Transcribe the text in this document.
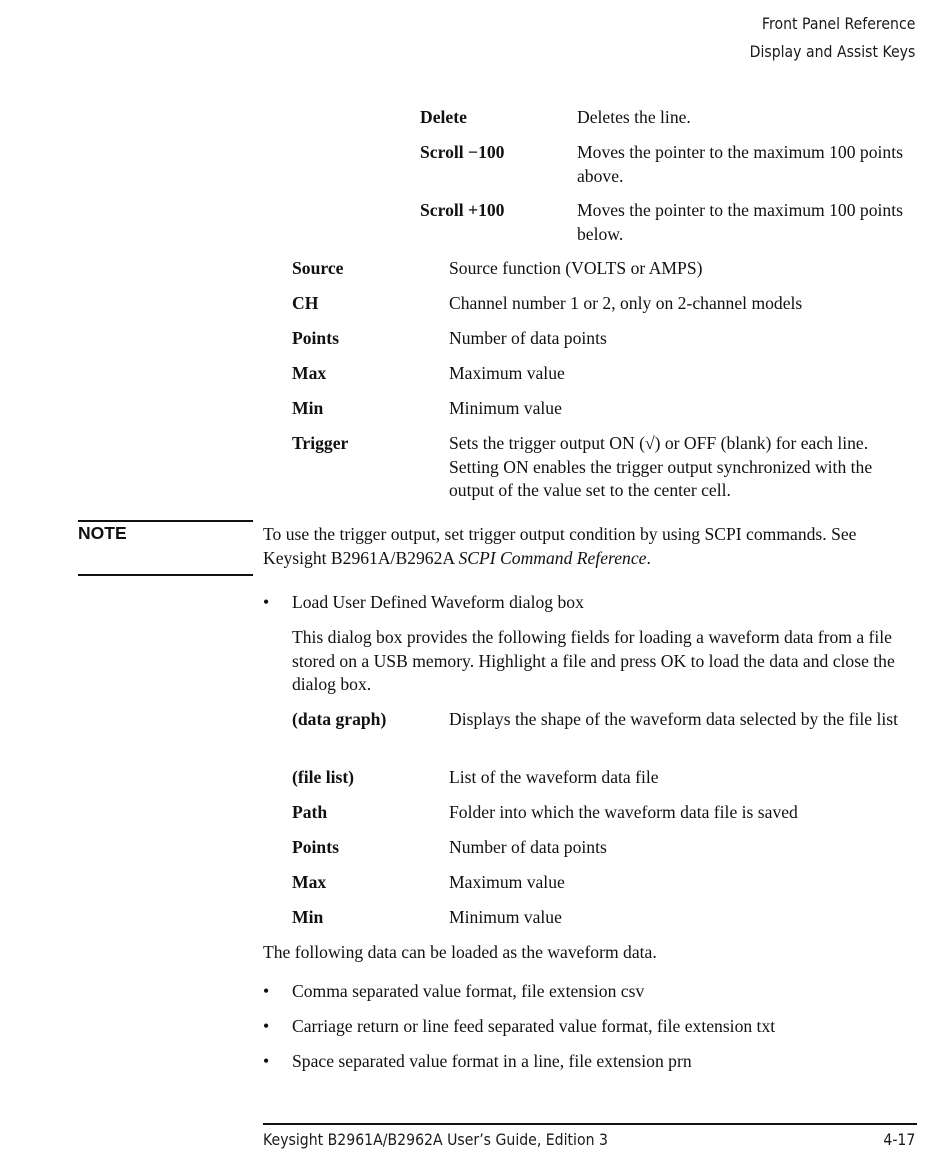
Front Panel Reference
Display and Assist Keys
Delete	Deletes the line.
Scroll −100	Moves the pointer to the maximum 100 points above.
Scroll +100	Moves the pointer to the maximum 100 points below.
Source	Source function (VOLTS or AMPS)
CH	Channel number 1 or 2, only on 2-channel models
Points	Number of data points
Max	Maximum value
Min	Minimum value
Trigger	Sets the trigger output ON (√) or OFF (blank) for each line. Setting ON enables the trigger output synchronized with the output of the value set to the center cell.
NOTE	To use the trigger output, set trigger output condition by using SCPI commands. See Keysight B2961A/B2962A SCPI Command Reference.
• Load User Defined Waveform dialog box
This dialog box provides the following fields for loading a waveform data from a file stored on a USB memory. Highlight a file and press OK to load the data and close the dialog box.
(data graph)	Displays the shape of the waveform data selected by the file list
(file list)	List of the waveform data file
Path	Folder into which the waveform data file is saved
Points	Number of data points
Max	Maximum value
Min	Minimum value
The following data can be loaded as the waveform data.
• Comma separated value format, file extension csv
• Carriage return or line feed separated value format, file extension txt
• Space separated value format in a line, file extension prn
Keysight B2961A/B2962A User’s Guide, Edition 3	4-17
